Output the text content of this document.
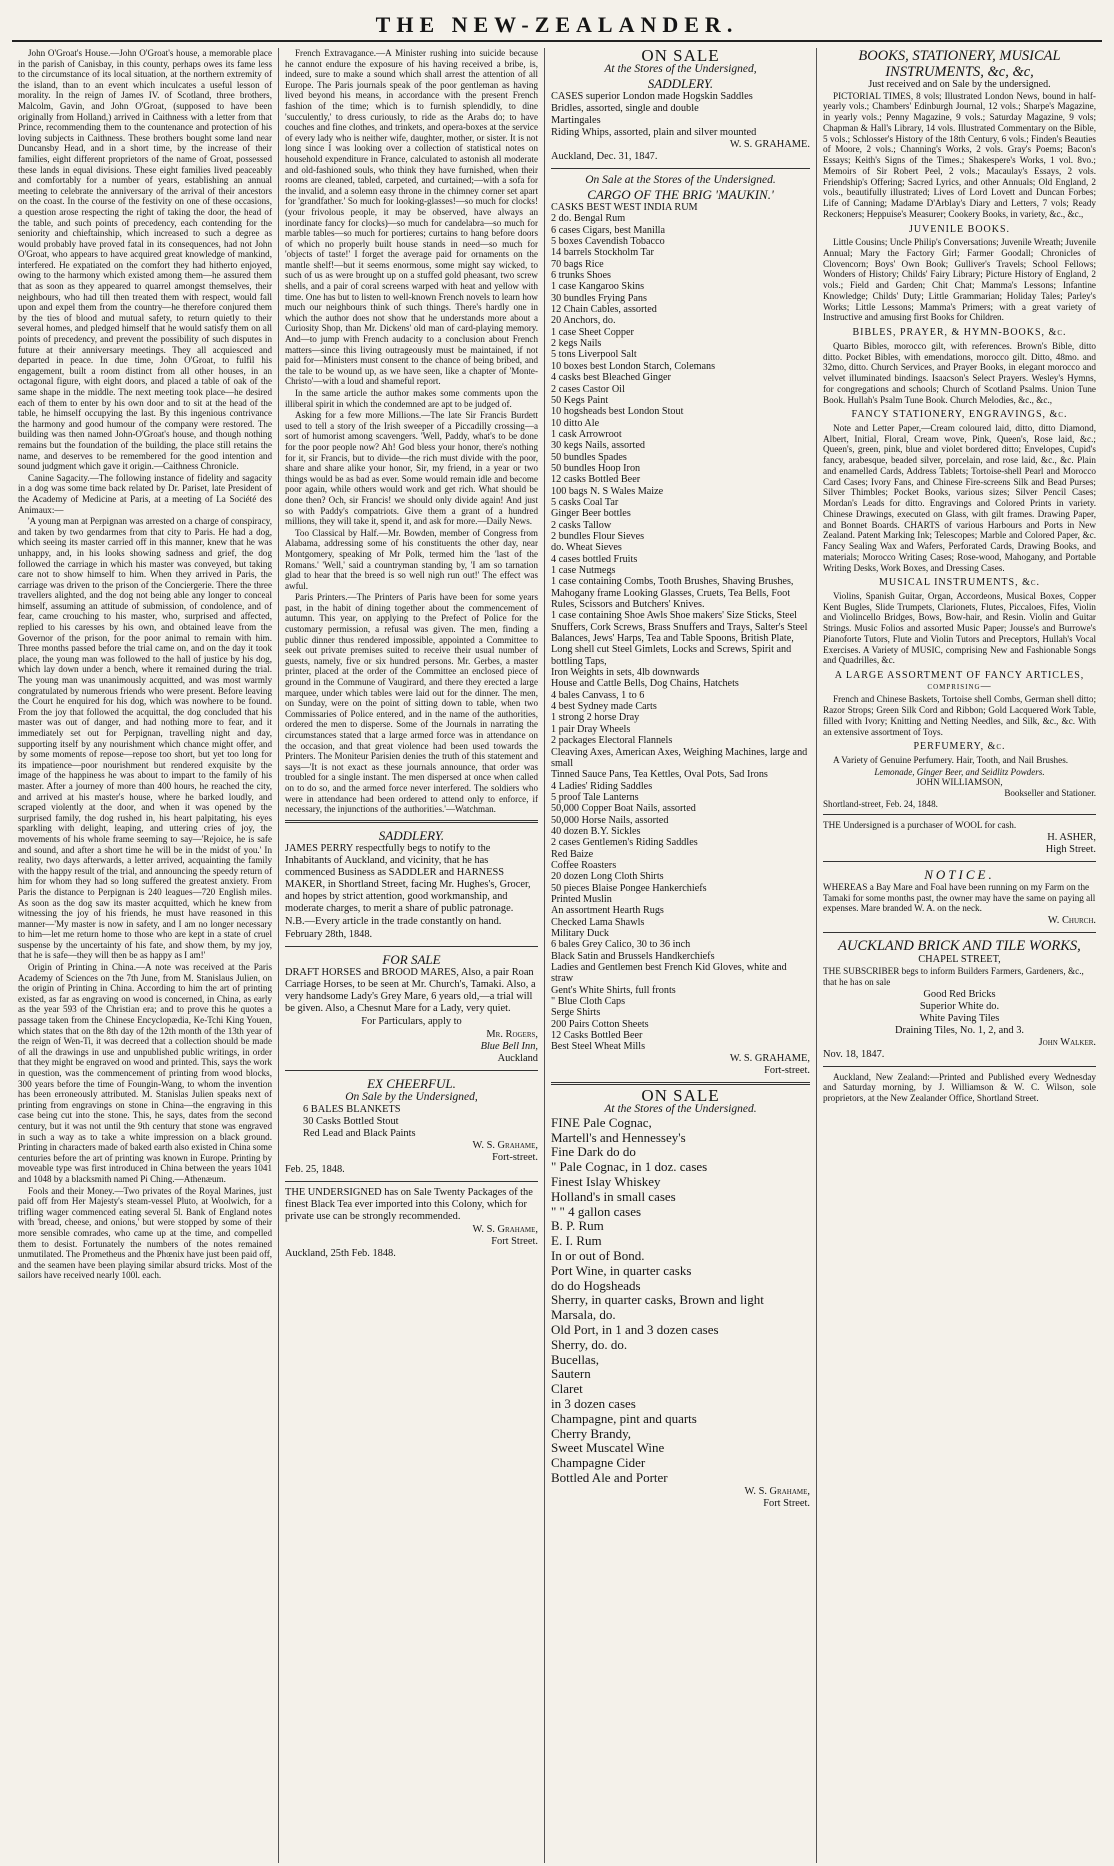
THE NEW-ZEALANDER.

John O'Groat's House.—John O'Groat's house, a memorable place in the parish of Canisbay, in this county, perhaps owes its fame less to the circumstance of its local situation, at the northern extremity of the island, than to an event which inculcates a useful lesson of morality. In the reign of James IV. of Scotland, three brothers, Malcolm, Gavin, and John O'Groat, (supposed to have been originally from Holland,) arrived in Caithness with a letter from that Prince, recommending them to the countenance and protection of his loving subjects in Caithness. These brothers bought some land near Duncansby Head, and in a short time, by the increase of their families, eight different proprietors of the name of Groat, possessed these lands in equal divisions. These eight families lived peaceably and comfortably for a number of years, establishing an annual meeting to celebrate the anniversary of the arrival of their ancestors on the coast. In the course of the festivity on one of these occasions, a question arose respecting the right of taking the door, the head of the table, and such points of precedency, each contending for the seniority and chieftainship, which increased to such a degree as would probably have proved fatal in its consequences, had not John O'Groat, who appears to have acquired great knowledge of mankind, interfered. He expatiated on the comfort they had hitherto enjoyed, owing to the harmony which existed among them—he assured them that as soon as they appeared to quarrel amongst themselves, their neighbours, who had till then treated them with respect, would fall upon and expel them from the country—he therefore conjured them by the ties of blood and mutual safety, to return quietly to their several homes, and pledged himself that he would satisfy them on all points of precedency, and prevent the possibility of such disputes in future at their anniversary meetings. They all acquiesced and departed in peace. In due time, John O'Groat, to fulfil his engagement, built a room distinct from all other houses, in an octagonal figure, with eight doors, and placed a table of oak of the same shape in the middle. The next meeting took place—he desired each of them to enter by his own door and to sit at the head of the table, he himself occupying the last. By this ingenious contrivance the harmony and good humour of the company were restored. The building was then named John-O'Groat's house, and though nothing remains but the foundation of the building, the place still retains the name, and deserves to be remembered for the good intention and sound judgment which gave it origin.—Caithness Chronicle.

Canine Sagacity.—The following instance of fidelity and sagacity in a dog was some time back related by Dr. Pariset, late President of the Academy of Medicine at Paris, at a meeting of La Société des Animaux:—

'A young man at Perpignan was arrested on a charge of conspiracy, and taken by two gendarmes from that city to Paris. He had a dog, which seeing its master carried off in this manner, knew that he was unhappy, and, in his looks showing sadness and grief, the dog followed the carriage in which his master was conveyed, but taking care not to show himself to him. When they arrived in Paris, the carriage was driven to the prison of the Conciergerie. There the three travellers alighted, and the dog not being able any longer to conceal himself, assuming an attitude of submission, of condolence, and of fear, came crouching to his master, who, surprised and affected, replied to his caresses by his own, and obtained leave from the Governor of the prison, for the poor animal to remain with him. Three months passed before the trial came on, and on the day it took place, the young man was followed to the hall of justice by his dog, which lay down under a bench, where it remained during the trial. The young man was unanimously acquitted, and was most warmly congratulated by numerous friends who were present. Before leaving the Court he enquired for his dog, which was nowhere to be found. From the joy that followed the acquittal, the dog concluded that his master was out of danger, and had nothing more to fear, and it immediately set out for Perpignan, travelling night and day, supporting itself by any nourishment which chance might offer, and by some moments of repose—repose too short, but yet too long for its impatience—poor nourishment but rendered exquisite by the image of the happiness he was about to impart to the family of his master. After a journey of more than 400 hours, he reached the city, and arrived at his master's house, where he barked loudly, and scraped violently at the door, and when it was opened by the surprised family, the dog rushed in, his heart palpitating, his eyes sparkling with delight, leaping, and uttering cries of joy, the movements of his whole frame seeming to say—'Rejoice, he is safe and sound, and after a short time he will be in the midst of you.' In reality, two days afterwards, a letter arrived, acquainting the family with the happy result of the trial, and announcing the speedy return of him for whom they had so long suffered the greatest anxiety. From Paris the distance to Perpignan is 240 leagues—720 English miles. As soon as the dog saw its master acquitted, which he knew from witnessing the joy of his friends, he must have reasoned in this manner—'My master is now in safety, and I am no longer necessary to him—let me return home to those who are kept in a state of cruel suspense by the uncertainty of his fate, and show them, by my joy, that he is safe—they will then be as happy as I am!'

Origin of Printing in China.—A note was received at the Paris Academy of Sciences on the 7th June, from M. Stanislaus Julien, on the origin of Printing in China. According to him the art of printing existed, as far as engraving on wood is concerned, in China, as early as the year 593 of the Christian era; and to prove this he quotes a passage taken from the Chinese Encyclopædia, Ke-Tchi King Youen, which states that on the 8th day of the 12th month of the 13th year of the reign of Wen-Ti, it was decreed that a collection should be made of all the drawings in use and unpublished public writings, in order that they might be engraved on wood and printed. This, says the work in question, was the commencement of printing from wood blocks, 300 years before the time of Foungin-Wang, to whom the invention has been erroneously attributed. M. Stanislas Julien speaks next of printing from engravings on stone in China—the engraving in this case being cut into the stone. This, he says, dates from the second century, but it was not until the 9th century that stone was engraved in such a way as to take a white impression on a black ground. Printing in characters made of baked earth also existed in China some centuries before the art of printing was known in Europe. Printing by moveable type was first introduced in China between the years 1041 and 1048 by a blacksmith named Pi Ching.—Athenæum.

Fools and their Money.—Two privates of the Royal Marines, just paid off from Her Majesty's steam-vessel Pluto, at Woolwich, for a trifling wager commenced eating several 5l. Bank of England notes with 'bread, cheese, and onions,' but were stopped by some of their more sensible comrades, who came up at the time, and compelled them to desist. Fortunately the numbers of the notes remained unmutilated. The Prometheus and the Phœnix have just been paid off, and the seamen have been playing similar absurd tricks. Most of the sailors have received nearly 100l. each.

French Extravagance.—A Minister rushing into suicide because he cannot endure the exposure of his having received a bribe, is, indeed, sure to make a sound which shall arrest the attention of all Europe. The Paris journals speak of the poor gentleman as having lived beyond his means, in accordance with the present French fashion of the time; which is to furnish splendidly, to dine 'succulently,' to dress curiously, to ride as the Arabs do; to have couches and fine clothes, and trinkets, and opera-boxes at the service of every lady who is neither wife, daughter, mother, or sister. It is not long since I was looking over a collection of statistical notes on household expenditure in France, calculated to astonish all moderate and old-fashioned souls, who think they have furnished, when their rooms are cleaned, tabled, carpeted, and curtained;—with a sofa for the invalid, and a solemn easy throne in the chimney corner set apart for 'grandfather.' So much for looking-glasses!—so much for clocks! (your frivolous people, it may be observed, have always an inordinate fancy for clocks)—so much for candelabra—so much for marble tables—so much for portieres; curtains to hang before doors of which no properly built house stands in need—so much for 'objects of taste!' I forget the average paid for ornaments on the mantle shelf!—but it seems enormous, some might say wicked, to such of us as were brought up on a stuffed gold pheasant, two screw shells, and a pair of coral screens warped with heat and yellow with time. One has but to listen to well-known French novels to learn how much our neighbours think of such things. There's hardly one in which the author does not show that he understands more about a Curiosity Shop, than Mr. Dickens' old man of card-playing memory. And—to jump with French audacity to a conclusion about French matters—since this living outrageously must be maintained, if not paid for—Ministers must consent to the chance of being bribed, and the tale to be wound up, as we have seen, like a chapter of 'Monte-Christo'—with a loud and shameful report.

In the same article the author makes some comments upon the illiberal spirit in which the condemned are apt to be judged of.

Asking for a few more Millions.—The late Sir Francis Burdett used to tell a story of the Irish sweeper of a Piccadilly crossing—a sort of humorist among scavengers. 'Well, Paddy, what's to be done for the poor people now? Ah! God bless your honor, there's nothing for it, sir Francis, but to divide—the rich must divide with the poor, share and share alike your honor, Sir, my friend, in a year or two things would be as bad as ever. Some would remain idle and become poor again, while others would work and get rich. What should be done then? Och, sir Francis! we should only divide again! And just so with Paddy's compatriots. Give them a grant of a hundred millions, they will take it, spend it, and ask for more.—Daily News.

Too Classical by Half.—Mr. Bowden, member of Congress from Alabama, addressing some of his constituents the other day, near Montgomery, speaking of Mr Polk, termed him the 'last of the Romans.' 'Well,' said a countryman standing by, 'I am so tarnation glad to hear that the breed is so well nigh run out!' The effect was awful.

Paris Printers.—The Printers of Paris have been for some years past, in the habit of dining together about the commencement of autumn. This year, on applying to the Prefect of Police for the customary permission, a refusal was given. The men, finding a public dinner thus rendered impossible, appointed a Committee to seek out private premises suited to receive their usual number of guests, namely, five or six hundred persons. Mr. Gerbes, a master printer, placed at the order of the Committee an enclosed piece of ground in the Commune of Vaugirard, and there they erected a large marquee, under which tables were laid out for the dinner. The men, on Sunday, were on the point of sitting down to table, when two Commissaries of Police entered, and in the name of the authorities, ordered the men to disperse. Some of the Journals in narrating the circumstances stated that a large armed force was in attendance on the occasion, and that great violence had been used towards the Printers. The Moniteur Parisien denies the truth of this statement and says—'It is not exact as these journals announce, that order was troubled for a single instant. The men dispersed at once when called on to do so, and the armed force never interfered. The soldiers who were in attendance had been ordered to attend only to enforce, if necessary, the injunctions of the authorities.'—Watchman.

SADDLERY.

JAMES PERRY respectfully begs to notify to the Inhabitants of Auckland, and vicinity, that he has commenced Business as SADDLER and HARNESS MAKER, in Shortland Street, facing Mr. Hughes's, Grocer, and hopes by strict attention, good workmanship, and moderate charges, to merit a share of public patronage.

N.B.—Every article in the trade constantly on hand.

February 28th, 1848.

FOR SALE

DRAFT HORSES and BROOD MARES, Also, a pair Roan Carriage Horses, to be seen at Mr. Church's, Tamaki. Also, a very handsome Lady's Grey Mare, 6 years old,—a trial will be given. Also, a Chesnut Mare for a Lady, very quiet.

For Particulars, apply to

Mr. Rogers,
Blue Bell Inn,
Auckland
EX CHEERFUL.
On Sale by the Undersigned,
6 BALES BLANKETS
30 Casks Bottled Stout
Red Lead and Black Paints
W. S. Grahame,
Fort-street.
Feb. 25, 1848.

THE UNDERSIGNED has on Sale Twenty Packages of the finest Black Tea ever imported into this Colony, which for private use can be strongly recommended.

W. S. Grahame,
Fort Street.
Auckland, 25th Feb. 1848.
ON SALE
At the Stores of the Undersigned,
SADDLERY.
CASES superior London made Hogskin Saddles
Bridles, assorted, single and double
Martingales
Riding Whips, assorted, plain and silver mounted
W. S. GRAHAME.
Auckland, Dec. 31, 1847.
On Sale at the Stores of the Undersigned.
CARGO OF THE BRIG 'MAUKIN.'
CASKS BEST WEST INDIA RUM
2 do. Bengal Rum
6 cases Cigars, best Manilla
5 boxes Cavendish Tobacco
14 barrels Stockholm Tar
70 bags Rice
6 trunks Shoes
1 case Kangaroo Skins
30 bundles Frying Pans
12 Chain Cables, assorted
20 Anchors, do.
1 case Sheet Copper
2 kegs Nails
5 tons Liverpool Salt
10 boxes best London Starch, Colemans
4 casks best Bleached Ginger
2 cases Castor Oil
50 Kegs Paint
10 hogsheads best London Stout
10 ditto Ale
1 cask Arrowroot
30 kegs Nails, assorted
50 bundles Spades
50 bundles Hoop Iron
12 casks Bottled Beer
100 bags N. S Wales Maize
5 casks Coal Tar
Ginger Beer bottles
2 casks Tallow
2 bundles Flour Sieves
do. Wheat Sieves
4 cases bottled Fruits
1 case Nutmegs
1 case containing Combs, Tooth Brushes, Shaving Brushes, Mahogany frame Looking Glasses, Cruets, Tea Bells, Foot Rules, Scissors and Butchers' Knives.
1 case containing Shoe Awls Shoe makers' Size Sticks, Steel Snuffers, Cork Screws, Brass Snuffers and Trays, Salter's Steel Balances, Jews' Harps, Tea and Table Spoons, British Plate, Long shell cut Steel Gimlets, Locks and Screws, Spirit and bottling Taps,
Iron Weights in sets, 4lb downwards
House and Cattle Bells, Dog Chains, Hatchets
4 bales Canvass, 1 to 6
4 best Sydney made Carts
1 strong 2 horse Dray
1 pair Dray Wheels
2 packages Electoral Flannels
Cleaving Axes, American Axes, Weighing Machines, large and small
Tinned Sauce Pans, Tea Kettles, Oval Pots, Sad Irons
4 Ladies' Riding Saddles
5 proof Tale Lanterns
50,000 Copper Boat Nails, assorted
50,000 Horse Nails, assorted
40 dozen B.Y. Sickles
2 cases Gentlemen's Riding Saddles
Red Baize
Coffee Roasters
20 dozen Long Cloth Shirts
50 pieces Blaise Pongee Hankerchiefs
Printed Muslin
An assortment Hearth Rugs
Checked Lama Shawls
Military Duck
6 bales Grey Calico, 30 to 36 inch
Black Satin and Brussels Handkerchiefs
Ladies and Gentlemen best French Kid Gloves, white and straw
Gent's White Shirts, full fronts
" Blue Cloth Caps
Serge Shirts
200 Pairs Cotton Sheets
12 Casks Bottled Beer
Best Steel Wheat Mills
W. S. GRAHAME,
Fort-street.
ON SALE
At the Stores of the Undersigned.
FINE Pale Cognac,
Martell's and Hennessey's
Fine Dark do do
" Pale Cognac, in 1 doz. cases
Finest Islay Whiskey
Holland's in small cases
" " 4 gallon cases
B. P. Rum
E. I. Rum
In or out of Bond.
Port Wine, in quarter casks
do do Hogsheads
Sherry, in quarter casks, Brown and light
Marsala, do.
Old Port, in 1 and 3 dozen cases
Sherry, do. do.
Bucellas,
Sautern
Claret
in 3 dozen cases
Champagne, pint and quarts
Cherry Brandy,
Sweet Muscatel Wine
Champagne Cider
Bottled Ale and Porter
W. S. Grahame,
Fort Street.
BOOKS, STATIONERY, MUSICAL INSTRUMENTS, &c, &c,
Just received and on Sale by the undersigned.

PICTORIAL TIMES, 8 vols; Illustrated London News, bound in half-yearly vols.; Chambers' Edinburgh Journal, 12 vols.; Sharpe's Magazine, in yearly vols.; Penny Magazine, 9 vols.; Saturday Magazine, 9 vols; Chapman & Hall's Library, 14 vols. Illustrated Commentary on the Bible, 5 vols.; Schlosser's History of the 18th Century, 6 vols.; Finden's Beauties of Moore, 2 vols.; Channing's Works, 2 vols. Gray's Poems; Bacon's Essays; Keith's Signs of the Times.; Shakespere's Works, 1 vol. 8vo.; Memoirs of Sir Robert Peel, 2 vols.; Macaulay's Essays, 2 vols. Friendship's Offering; Sacred Lyrics, and other Annuals; Old England, 2 vols., beautifully illustrated; Lives of Lord Lovett and Duncan Forbes; Life of Canning; Madame D'Arblay's Diary and Letters, 7 vols; Ready Reckoners; Heppuise's Measurer; Cookery Books, in variety, &c., &c.,

JUVENILE BOOKS.

Little Cousins; Uncle Philip's Conversations; Juvenile Wreath; Juvenile Annual; Mary the Factory Girl; Farmer Goodall; Chronicles of Clovencorn; Boys' Own Book; Gulliver's Travels; School Fellows; Wonders of History; Childs' Fairy Library; Picture History of England, 2 vols.; Field and Garden; Chit Chat; Mamma's Lessons; Infantine Knowledge; Childs' Duty; Little Grammarian; Holiday Tales; Parley's Works; Little Lessons; Mamma's Primers; with a great variety of Instructive and amusing first Books for Children.

BIBLES, PRAYER, & HYMN-BOOKS, &c.

Quarto Bibles, morocco gilt, with references. Brown's Bible, ditto ditto. Pocket Bibles, with emendations, morocco gilt. Ditto, 48mo. and 32mo, ditto. Church Services, and Prayer Books, in elegant morocco and velvet illuminated bindings. Isaacson's Select Prayers. Wesley's Hymns, for congregations and schools; Church of Scotland Psalms. Union Tune Book. Hullah's Psalm Tune Book. Church Melodies, &c., &c.,

FANCY STATIONERY, ENGRAVINGS, &c.

Note and Letter Paper,—Cream coloured laid, ditto, ditto Diamond, Albert, Initial, Floral, Cream wove, Pink, Queen's, Rose laid, &c.; Queen's, green, pink, blue and violet bordered ditto; Envelopes, Cupid's fancy, arabesque, beaded silver, porcelain, and rose laid, &c., &c. Plain and enamelled Cards, Address Tablets; Tortoise-shell Pearl and Morocco Card Cases; Ivory Fans, and Chinese Fire-screens Silk and Bead Purses; Silver Thimbles; Pocket Books, various sizes; Silver Pencil Cases; Mordan's Leads for ditto. Engravings and Colored Prints in variety. Chinese Drawings, executed on Glass, with gilt frames. Drawing Paper, and Bonnet Boards. CHARTS of various Harbours and Ports in New Zealand. Patent Marking Ink; Telescopes; Marble and Colored Paper, &c. Fancy Sealing Wax and Wafers, Perforated Cards, Drawing Books, and materials; Morocco Writing Cases; Rose-wood, Mahogany, and Portable Writing Desks, Work Boxes, and Dressing Cases.

MUSICAL INSTRUMENTS, &c.

Violins, Spanish Guitar, Organ, Accordeons, Musical Boxes, Copper Kent Bugles, Slide Trumpets, Clarionets, Flutes, Piccaloes, Fifes, Violin and Violincello Bridges, Bows, Bow-hair, and Resin. Violin and Guitar Strings. Music Folios and assorted Music Paper; Jousse's and Burrowe's Pianoforte Tutors, Flute and Violin Tutors and Preceptors, Hullah's Vocal Exercises. A Variety of MUSIC, comprising New and Fashionable Songs and Quadrilles, &c.

A LARGE ASSORTMENT OF FANCY ARTICLES, comprising—

French and Chinese Baskets, Tortoise shell Combs, German shell ditto; Razor Strops; Green Silk Cord and Ribbon; Gold Lacquered Work Table, filled with Ivory; Knitting and Netting Needles, and Silk, &c., &c. With an extensive assortment of Toys.

PERFUMERY, &c.

A Variety of Genuine Perfumery. Hair, Tooth, and Nail Brushes.

Lemonade, Ginger Beer, and Seidlitz Powders.
JOHN WILLIAMSON,
Bookseller and Stationer.
Shortland-street, Feb. 24, 1848.

THE Undersigned is a purchaser of WOOL for cash.

H. ASHER,
High Street.
NOTICE.

WHEREAS a Bay Mare and Foal have been running on my Farm on the Tamaki for some months past, the owner may have the same on paying all expenses. Mare branded W. A. on the neck.

W. Church.
AUCKLAND BRICK AND TILE WORKS,
CHAPEL STREET,

THE SUBSCRIBER begs to inform Builders Farmers, Gardeners, &c., that he has on sale

Good Red Bricks
Superior White do.
White Paving Tiles
Draining Tiles, No. 1, 2, and 3.
John Walker.
Nov. 18, 1847.

Auckland, New Zealand:—Printed and Published every Wednesday and Saturday morning, by J. Williamson & W. C. Wilson, sole proprietors, at the New Zealander Office, Shortland Street.
